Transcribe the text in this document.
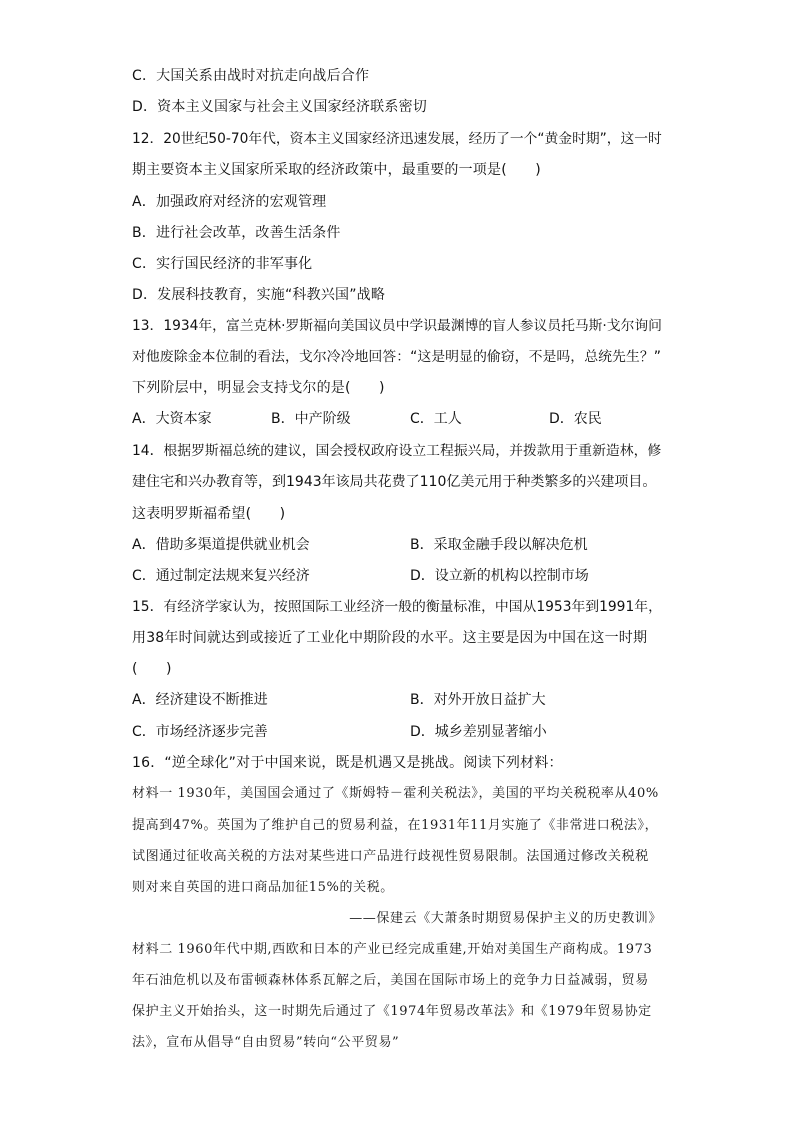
C．大国关系由战时对抗走向战后合作
D．资本主义国家与社会主义国家经济联系密切
12．20世纪50-70年代，资本主义国家经济迅速发展，经历了一个“黄金时期”，这一时
期主要资本主义国家所采取的经济政策中，最重要的一项是(　　)
A．加强政府对经济的宏观管理
B．进行社会改革，改善生活条件
C．实行国民经济的非军事化
D．发展科技教育，实施“科教兴国”战略
13．1934年，富兰克林·罗斯福向美国议员中学识最渊博的盲人参议员托马斯·戈尔询问
对他废除金本位制的看法，戈尔冷冷地回答：“这是明显的偷窃，不是吗，总统先生？”
下列阶层中，明显会支持戈尔的是(　　)
A．大资本家	B．中产阶级	C．工人	D．农民
14．根据罗斯福总统的建议，国会授权政府设立工程振兴局，并拨款用于重新造林，修
建住宅和兴办教育等，到1943年该局共花费了110亿美元用于种类繁多的兴建项目。
这表明罗斯福希望(　　)
A．借助多渠道提供就业机会	B．采取金融手段以解决危机
C．通过制定法规来复兴经济	D．设立新的机构以控制市场
15．有经济学家认为，按照国际工业经济一般的衡量标准，中国从1953年到1991年，
用38年时间就达到或接近了工业化中期阶段的水平。这主要是因为中国在这一时期
(　　)
A．经济建设不断推进	B．对外开放日益扩大
C．市场经济逐步完善	D．城乡差别显著缩小
16．“逆全球化”对于中国来说，既是机遇又是挑战。阅读下列材料：
材料一 1930年，美国国会通过了《斯姆特－霍利关税法》，美国的平均关税税率从40%
提高到47%。英国为了维护自己的贸易利益，在1931年11月实施了《非常进口税法》，
试图通过征收高关税的方法对某些进口产品进行歧视性贸易限制。法国通过修改关税税
则对来自英国的进口商品加征15%的关税。
——保建云《大萧条时期贸易保护主义的历史教训》
材料二 1960年代中期,西欧和日本的产业已经完成重建,开始对美国生产商构成。1973
年石油危机以及布雷顿森林体系瓦解之后，美国在国际市场上的竞争力日益减弱，贸易
保护主义开始抬头，这一时期先后通过了《1974年贸易改革法》和《1979年贸易协定
法》，宣布从倡导“自由贸易”转向“公平贸易”
